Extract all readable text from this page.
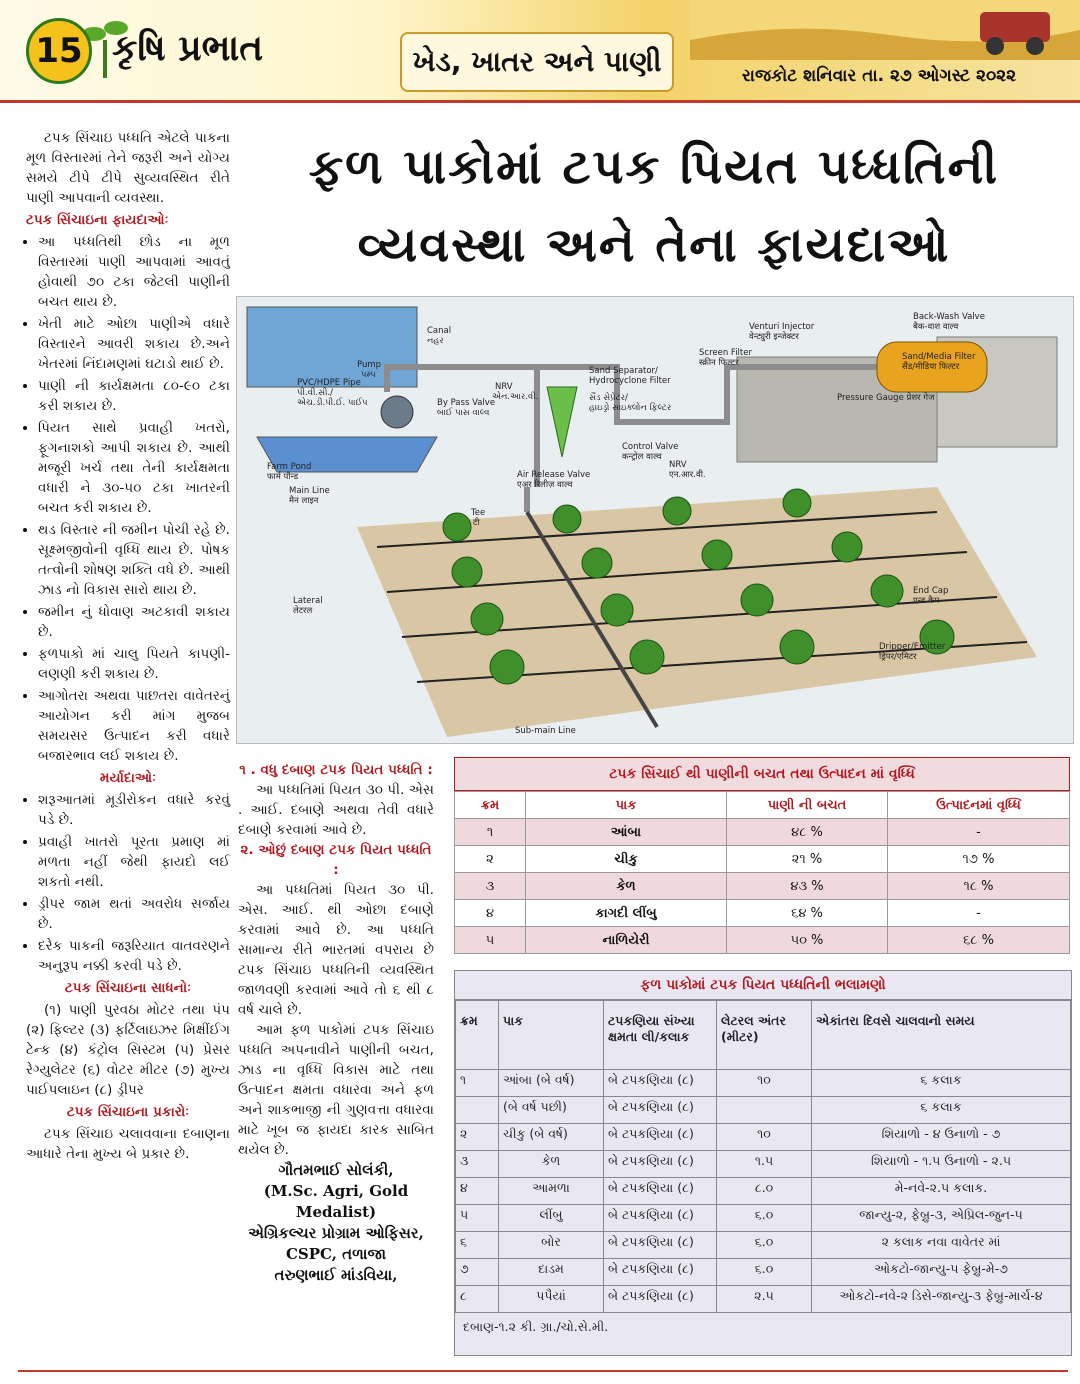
15 કૃષિ પ્રભાત	ખેડ, ખાતર અને પાણી	રાજકોટ શનિવાર તા. ૨૭ ઓગસ્ટ ૨૦૨૨

ટપક સિંચાઇ પધ્ધતિ એટલે પાકના મૂળ વિસ્તારમાં તેને જરૂરી અને યોગ્ય સમયે ટીપે ટીપે સુવ્યવસ્થિત રીતે પાણી આપવાની વ્યવસ્થા.

ટપક સિંચાઇના ફાયદાઓઃ

• આ પધ્ધતિથી છોડ ના મૂળ વિસ્તારમાં પાણી આપવામાં આવતું હોવાથી ૭૦ ટકા જેટલી પાણીની બચત થાય છે.
• ખેતી માટે ઓછા પાણીએ વધારે વિસ્તારને આવરી શકાય છે.અને ખેતરમાં નિંદામણમાં ઘટાડો થાઈ છે.
• પાણી ની કાર્યક્ષમતા ૮૦-૯૦ ટકા કરી શકાય છે.
• પિયત સાથે પ્રવાહી ખતરો, ફૂગનાશકો આપી શકાય છે. આથી મજૂરી ખર્ચ તથા તેની કાર્યક્ષમતા વધારી ને ૩૦-૫૦ ટકા ખાતરની બચત કરી શકાય છે.
• થડ વિસ્તાર ની જમીન પોચી રહે છે. સૂક્ષ્મજીવોની વૃધ્ધિ થાય છે. પોષક તત્વોની શોષણ શક્તિ વધે છે. આથી ઝાડ નો વિકાસ સારો થાય છે.
• જમીન નું ધોવાણ અટકાવી શકાય છે.
• ફળપાકો માં ચાલુ પિયતે કાપણી-લણણી કરી શકાય છે.
• આગોતરા અથવા પાછતરા વાવેતરનું આયોગન કરી માંગ મુજબ સમયસર ઉત્પાદન કરી વધારે બજારભાવ લઈ શકાય છે.

મર્યાદાઓઃ

• શરૂઆતમાં મૂડીરોકન વધારે કરવું પડે છે.
• પ્રવાહી ખાતરો પૂરતા પ્રમાણ માં મળતા નહીં જેથી ફાયદો લઈ શકતો નથી.
• ડ્રીપર જામ થતાં અવરોધ સર્જાય છે.
• દરેક પાકની જરૂરિયાત વાતવરણને અનુરૂપ નક્કી કરવી પડે છે.

ટપક સિંચાઇના સાધનોઃ

(૧) પાણી પુરવઠા મોટર તથા પંપ (૨) ફિલ્ટર (૩) ફર્ટિલાઇઝર મિક્ષીંઈગ ટેન્ક (૪) કંટ્રોલ સિસ્ટમ (૫) પ્રેસર રેગ્યુલેટર (૬) વોટર મીટર (૭) મુખ્ય પાઈપલાઇન (૮) ડ્રીપર

ટપક સિંચાઇના પ્રકારોઃ

ટપક સિંચાઇ ચલાવવાના દબાણના આધારે તેના મુખ્ય બે પ્રકાર છે.

ફળ પાકોમાં ટપક પિયત પધ્ધતિની
વ્યવસ્થા અને તેના ફાયદાઓ
Canal
નહર
Pump
પમ્પ
PVC/HDPE Pipe
પી.વી.સી./
એચ.ડી.પી.ઈ. પાઈપ	By Pass Valve
બાઈ પાસ વાલ્વ
NRV
એન.આર.વી.
Sand Separator/
Hydrocyclone Filter
સૈંડ સેપ્રેટર/
હાઇડ્રો સાઇક્લોન ફિલ્ટર
Venturi Injector
वेन्ट्युरी इन्जेक्टर
Screen Filter
स्क्रीन फिल्टर
Back-Wash Valve
बैक-वाश वाल्व
Sand/Media Filter
सैंड/मीडिया फिल्टर
Pressure Gauge प्रेशर गेज
Control Valve
कन्ट्रोल वाल्व
Air Release Valve
एअर रिलीज़ वाल्व
NRV
एन.आर.वी.
Farm Pond
फार्म पौन्ड
Main Line
मैन लाइन
Tee
टी
Lateral
लेटरल
End Cap
एन्ड कैप
Dripper/Emitter
ड्रिपर/एमिटर
Sub-main Line

૧ . વધુ દબાણ ટપક પિયત પધ્ધતિ :

આ પધ્ધતિમાં પિયત ૩૦ પી. એસ . આઈ. દબાણે અથવા તેવી વધારે દબાણે કરવામાં આવે છે.

૨. ઓછું દબાણ ટપક પિયત પધ્ધતિ :

આ પધ્ધતિમાં પિયત ૩૦ પી. એસ. આઈ. થી ઓછા દબાણે કરવામાં આવે છે. આ પધ્ધતિ સામાન્ય રીતે ભારતમાં વપરાય છે ટપક સિંચાઇ પધ્ધતિની વ્યવસ્થિત જાળવણી કરવામાં આવે તો ૬ થી ૮ વર્ષ ચાલે છે.

આમ ફળ પાકોમાં ટપક સિંચાઇ પધ્ધતિ અપનાવીને પાણીની બચત, ઝાડ ના વૃધ્ધિ વિકાસ માટે તથા ઉત્પાદન ક્ષમતા વધારવા અને ફળ અને શાકભાજી ની ગુણવત્તા વધારવા માટે ખૂબ જ ફાયદા કારક સાબિત થયેલ છે.

ગૌતમભાઈ સોલંકી,

(M.Sc. Agri, Gold Medalist)

એગ્રિકલ્ચર પ્રોગ્રામ ઓફિસર, CSPC, તળાજા

તરુણભાઈ માંડવિયા,

ટપક સિંચાઈ થી પાણીની બચત તથા ઉત્પાદન માં વૃધ્ધિ
ક્રમ	પાક	પાણી ની બચત	ઉત્પાદનમાં વૃધ્ધિ
૧	આંબા	૪૮ %	-
૨	ચીકુ	૨૧ %	૧૭ %
૩	કેળ	૪૩ %	૧૮ %
૪	કાગદી લીંબુ	૬૪ %	-
૫	નાળિયેરી	૫૦ %	૬૮ %
ફળ પાકોમાં ટપક પિયત પધ્ધતિની ભલામણો
ક્રમ	પાક	ટપકણિયા સંખ્યા ક્ષમતા લી/કલાક	લેટરલ અંતર (મીટર)	એકાંતરા દિવસે ચાલવાનો સમય
૧	આંબા (બે વર્ષ)	બે ટપકણિયા (૮)	૧૦	૬ કલાક
	(બે વર્ષ પછી)	બે ટપકણિયા (૮)		૬ કલાક
૨	ચીકુ (બે વર્ષ)	બે ટપકણિયા (૮)	૧૦	શિયાળો - ૪ ઉનાળો - ૭
૩	કેળ	બે ટપકણિયા (૮)	૧.૫	શિયાળો - ૧.૫ ઉનાળો - ૨.૫
૪	આમળા	બે ટપકણિયા (૮)	૮.૦	મે-નવે-૨.૫ કલાક.
૫	લીંબુ	બે ટપકણિયા (૮)	૬.૦	જાન્યુ-૨, ફેબ્રુ-૩, એપ્રિલ-જુન-૫
૬	બોર	બે ટપકણિયા (૮)	૬.૦	૨ કલાક નવા વાવેતર માં
૭	દાડમ	બે ટપકણિયા (૮)	૬.૦	ઓકટો-જાન્યુ-૫ ફેબ્રુ-મે-૭
૮	પપૈયાં	બે ટપકણિયા (૮)	૨.૫	ઓકટો-નવે-૨ ડિસે-જાન્યુ-૩ ફેબ્રુ-માર્ચ-૪
દબાણ-૧.૨ કી. ગ્રા./ચો.સે.મી.
